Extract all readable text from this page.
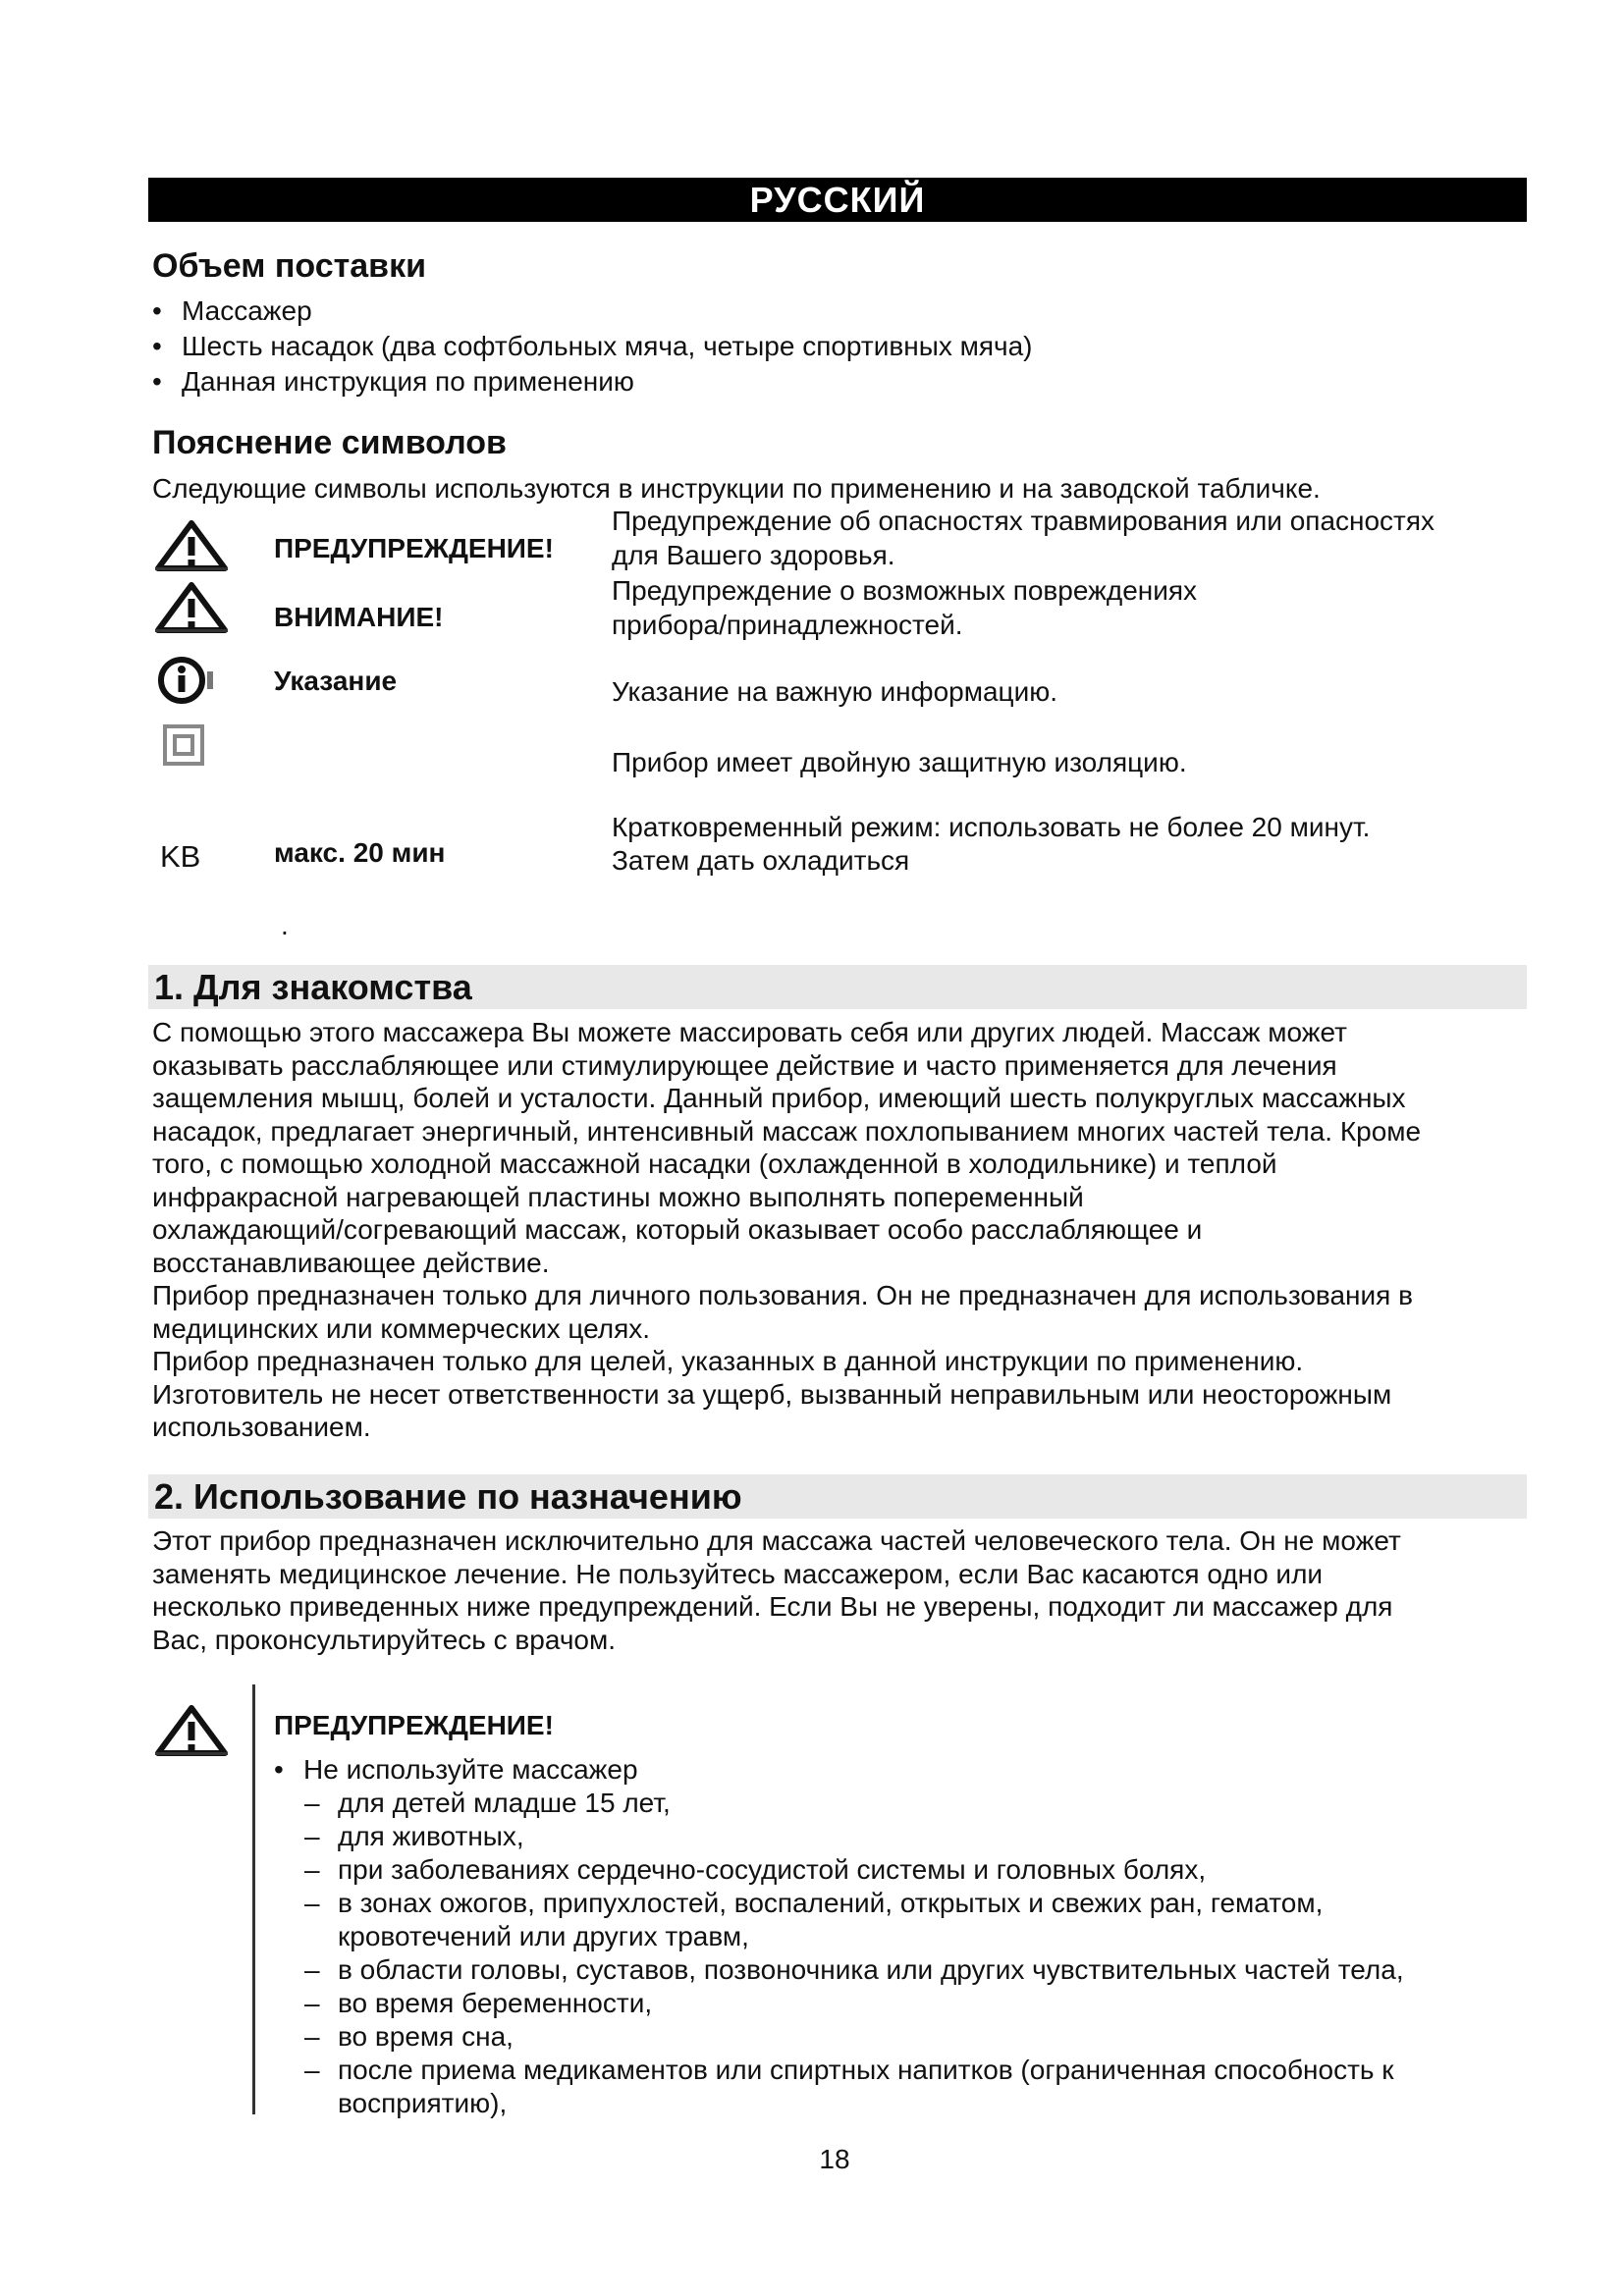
РУССКИЙ
Объем поставки
• Массажер
• Шесть насадок (два софтбольных мяча, четыре спортивных мяча)
• Данная инструкция по применению
Пояснение символов
Следующие символы используются в инструкции по применению и на заводской табличке.
ПРЕДУПРЕЖДЕНИЕ!
Предупреждение об опасностях травмирования или опасностях
для Вашего здоровья.
ВНИМАНИЕ!
Предупреждение о возможных повреждениях
прибора/принадлежностей.
Указание	Указание на важную информацию.
Прибор имеет двойную защитную изоляцию.
KB	макс. 20 мин
Кратковременный режим: использовать не более 20 минут.
Затем дать охладиться
.
1. Для знакомства

С помощью этого массажера Вы можете массировать себя или других людей. Массаж может

оказывать расслабляющее или стимулирующее действие и часто применяется для лечения

защемления мышц, болей и усталости. Данный прибор, имеющий шесть полукруглых массажных

насадок, предлагает энергичный, интенсивный массаж похлопыванием многих частей тела. Кроме

того, с помощью холодной массажной насадки (охлажденной в холодильнике) и теплой

инфракрасной нагревающей пластины можно выполнять попеременный

охлаждающий/согревающий массаж, который оказывает особо расслабляющее и

восстанавливающее действие.

Прибор предназначен только для личного пользования. Он не предназначен для использования в

медицинских или коммерческих целях.

Прибор предназначен только для целей, указанных в данной инструкции по применению.

Изготовитель не несет ответственности за ущерб, вызванный неправильным или неосторожным

использованием.

2. Использование по назначению

Этот прибор предназначен исключительно для массажа частей человеческого тела. Он не может

заменять медицинское лечение. Не пользуйтесь массажером, если Вас касаются одно или

несколько приведенных ниже предупреждений. Если Вы не уверены, подходит ли массажер для

Вас, проконсультируйтесь с врачом.

ПРЕДУПРЕЖДЕНИЕ!
• Не используйте массажер
– для детей младше 15 лет,
– для животных,
– при заболеваниях сердечно-сосудистой системы и головных болях,
– в зонах ожогов, припухлостей, воспалений, открытых и свежих ран, гематом,
кровотечений или других травм,
– в области головы, суставов, позвоночника или других чувствительных частей тела,
– во время беременности,
– во время сна,
– после приема медикаментов или спиртных напитков (ограниченная способность к
восприятию),
18
